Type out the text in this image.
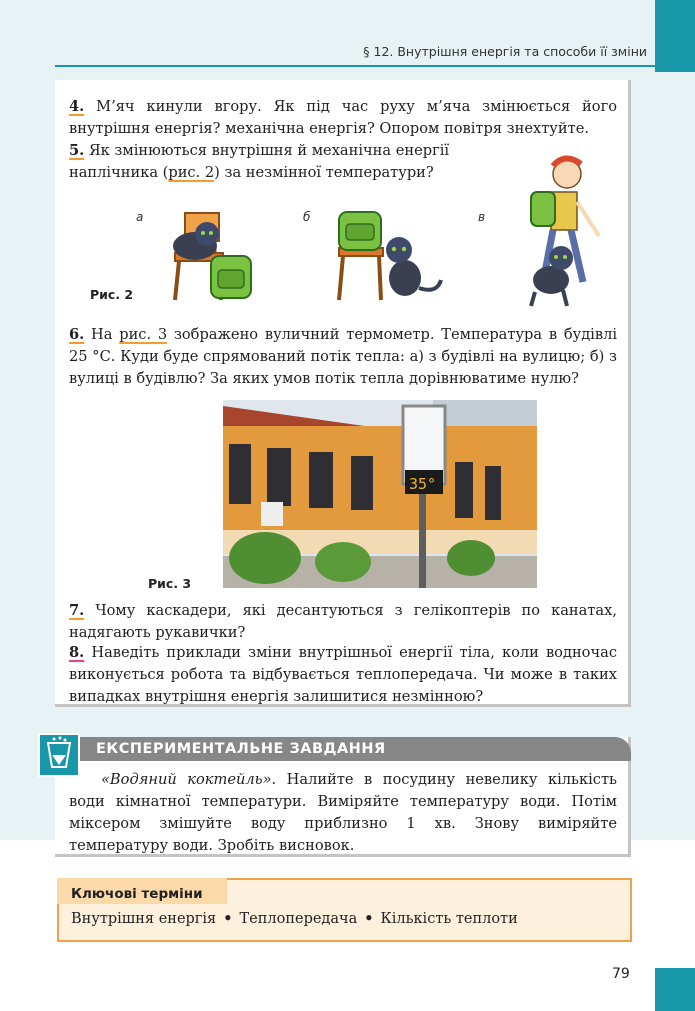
§ 12. Внутрішня енергія та способи її зміни
4. М’яч кинули вгору. Як під час руху м’яча змінюється його внутрішня енергія? механічна енергія? Опором повітря знехтуйте.
5. Як змінюються внутрішня й механічна енергії наплічника (рис. 2) за незмінної температури?
а	б	в
Рис. 2
6. На рис. 3 зображено вуличний термометр. Температура в будівлі 25 °С. Куди буде спрямований потік тепла: а) з будівлі на вулицю; б) з вулиці в будівлю? За яких умов потік тепла дорівнюватиме нулю?
35°
Рис. 3
7. Чому каскадери, які десантуються з гелікоптерів по канатах, надягають рукавички?
8. Наведіть приклади зміни внутрішньої енергії тіла, коли водночас виконується робота та відбувається теплопередача. Чи може в таких випадках внутрішня енергія залишитися незмінною?
ЕКСПЕРИМЕНТАЛЬНЕ ЗАВДАННЯ
«Водяний коктейль». Налийте в посудину невелику кількість води кімнатної температури. Виміряйте температуру води. Потім міксером змішуйте воду приблизно 1 хв. Знову виміряйте температуру води. Зробіть висновок.
Ключові терміни
Внутрішня енергія • Теплопередача • Кількість теплоти
79
